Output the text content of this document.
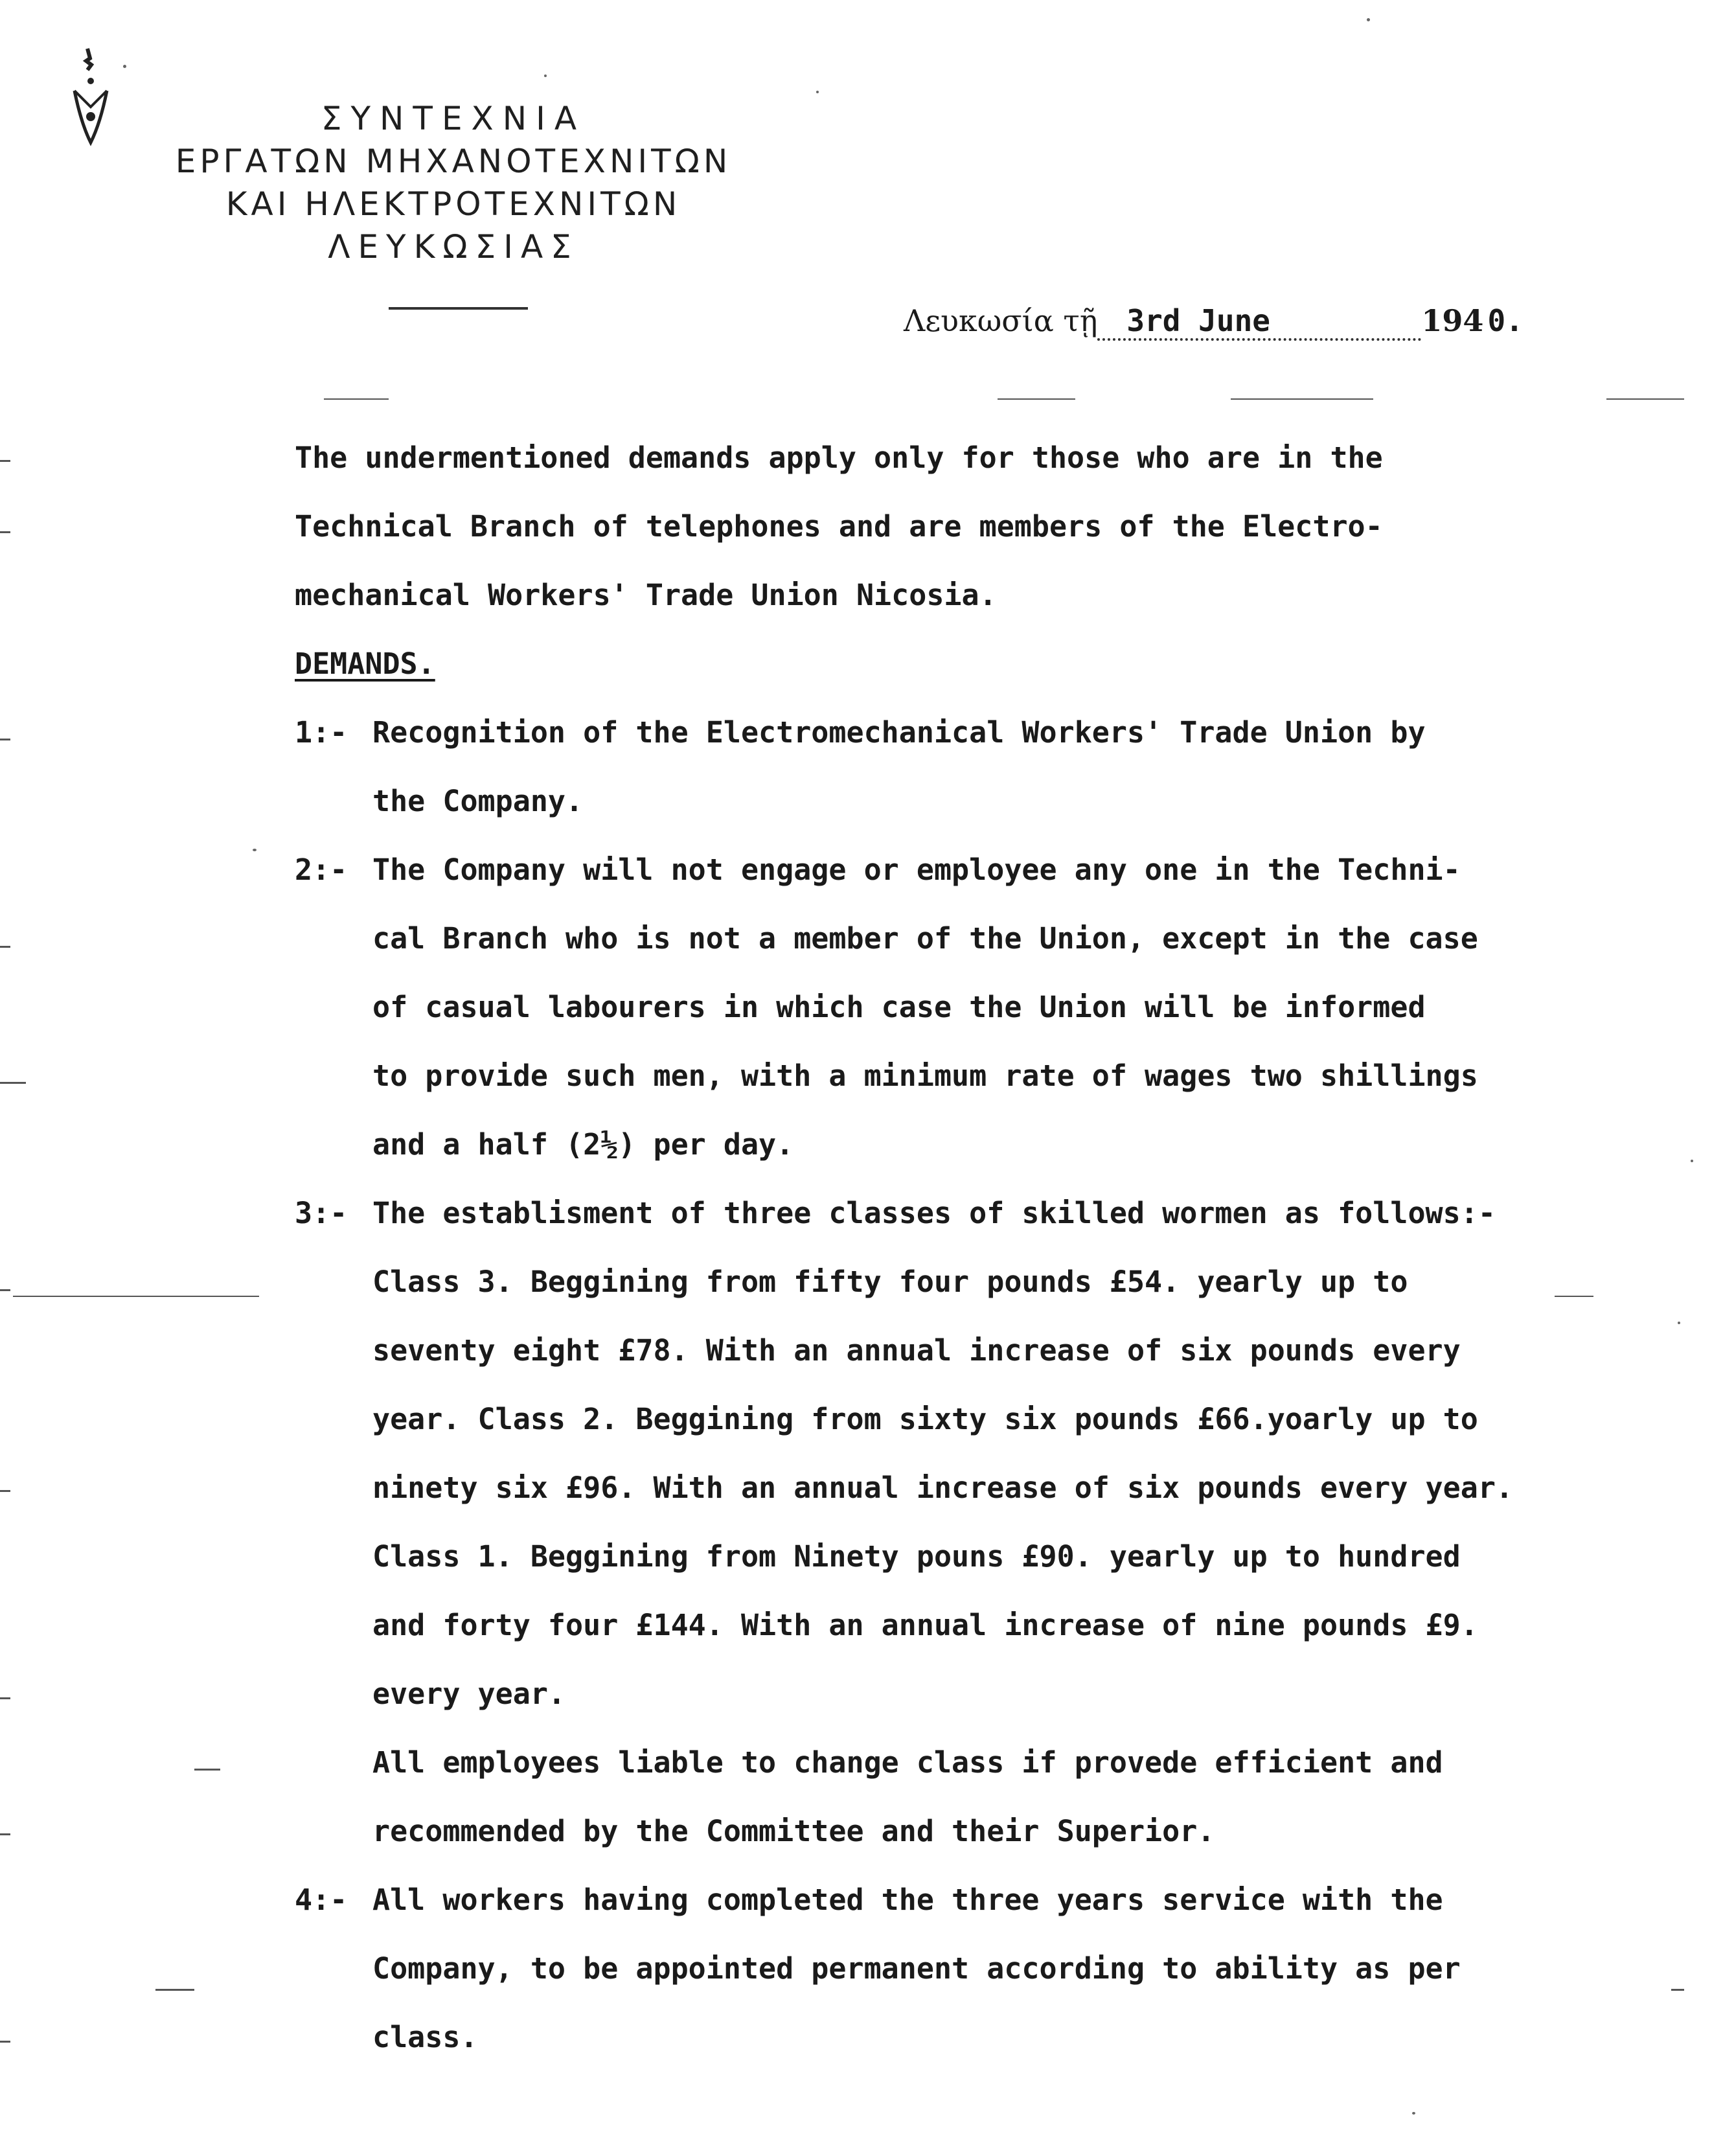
ΣΥΝΤΕΧΝΙΑ
ΕΡΓΑΤΩΝ ΜΗΧΑΝΟΤΕΧΝΙΤΩΝ
ΚΑΙ ΗΛΕΚΤΡΟΤΕΧΝΙΤΩΝ
ΛΕΥΚΩΣΙΑΣ
Λευκωσία τῇ 3rd June	194 0.
The undermentioned demands apply only for those who are in the
Technical Branch of telephones and are members of the Electro-
mechanical Workers' Trade Union Nicosia.
DEMANDS.
1:- Recognition of the Electromechanical Workers' Trade Union by
the Company.
2:- The Company will not engage or employee any one in the Techni-
cal Branch who is not a member of the Union, except in the case
of casual labourers in which case the Union will be informed
to provide such men, with a minimum rate of wages two shillings
and a half (2½) per day.
3:- The establisment of three classes of skilled wormen as follows:-
Class 3. Beggining from fifty four pounds £54. yearly up to
seventy eight £78. With an annual increase of six pounds every
year. Class 2. Beggining from sixty six pounds £66.yoarly up to
ninety six £96. With an annual increase of six pounds every year.
Class 1. Beggining from Ninety pouns £90. yearly up to hundred
and forty four £144. With an annual increase of nine pounds £9.
every year.
All employees liable to change class if provede efficient and
recommended by the Committee and their Superior.
4:- All workers having completed the three years service with the
Company, to be appointed permanent according to ability as per
class.
